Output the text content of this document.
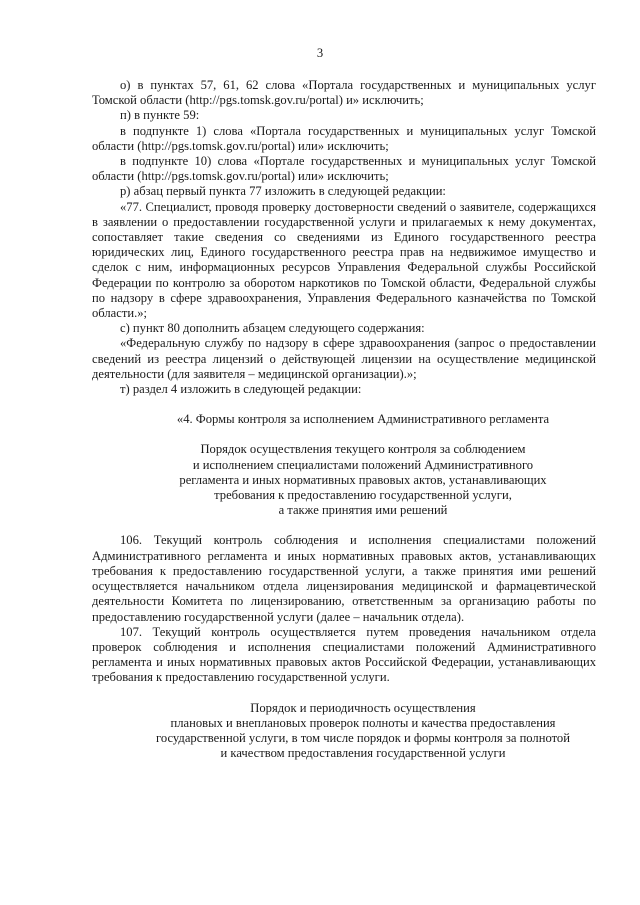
3

о) в пунктах 57, 61, 62 слова «Портала государственных и муниципальных услуг Томской области (http://pgs.tomsk.gov.ru/portal) и» исключить;

п) в пункте 59:

в подпункте 1) слова «Портала государственных и муниципальных услуг Томской области (http://pgs.tomsk.gov.ru/portal) или» исключить;

в подпункте 10) слова «Портале государственных и муниципальных услуг Томской области (http://pgs.tomsk.gov.ru/portal) или» исключить;

р) абзац первый пункта 77 изложить в следующей редакции:

«77. Специалист, проводя проверку достоверности сведений о заявителе, содержащихся в заявлении о предоставлении государственной услуги и прилагаемых к нему документах, сопоставляет такие сведения со сведениями из Единого государственного реестра юридических лиц, Единого государственного реестра прав на недвижимое имущество и сделок с ним, информационных ресурсов Управления Федеральной службы Российской Федерации по контролю за оборотом наркотиков по Томской области, Федеральной службы по надзору в сфере здравоохранения, Управления Федерального казначейства по Томской области.»;

с) пункт 80 дополнить абзацем следующего содержания:

«Федеральную службу по надзору в сфере здравоохранения (запрос о предоставлении сведений из реестра лицензий о действующей лицензии на осуществление медицинской деятельности (для заявителя – медицинской организации).»;

т) раздел 4 изложить в следующей редакции:

«4. Формы контроля за исполнением Административного регламента

Порядок осуществления текущего контроля за соблюдением

и исполнением специалистами положений Административного

регламента и иных нормативных правовых актов, устанавливающих

требования к предоставлению государственной услуги,

а также принятия ими решений

106. Текущий контроль соблюдения и исполнения специалистами положений Административного регламента и иных нормативных правовых актов, устанавливающих требования к предоставлению государственной услуги, а также принятия ими решений осуществляется начальником отдела лицензирования медицинской и фармацевтической деятельности Комитета по лицензированию, ответственным за организацию работы по предоставлению государственной услуги (далее – начальник отдела).

107. Текущий контроль осуществляется путем проведения начальником отдела проверок соблюдения и исполнения специалистами положений Административного регламента и иных нормативных правовых актов Российской Федерации, устанавливающих требования к предоставлению государственной услуги.

Порядок и периодичность осуществления

плановых и внеплановых проверок полноты и качества предоставления

государственной услуги, в том числе порядок и формы контроля за полнотой

и качеством предоставления государственной услуги
